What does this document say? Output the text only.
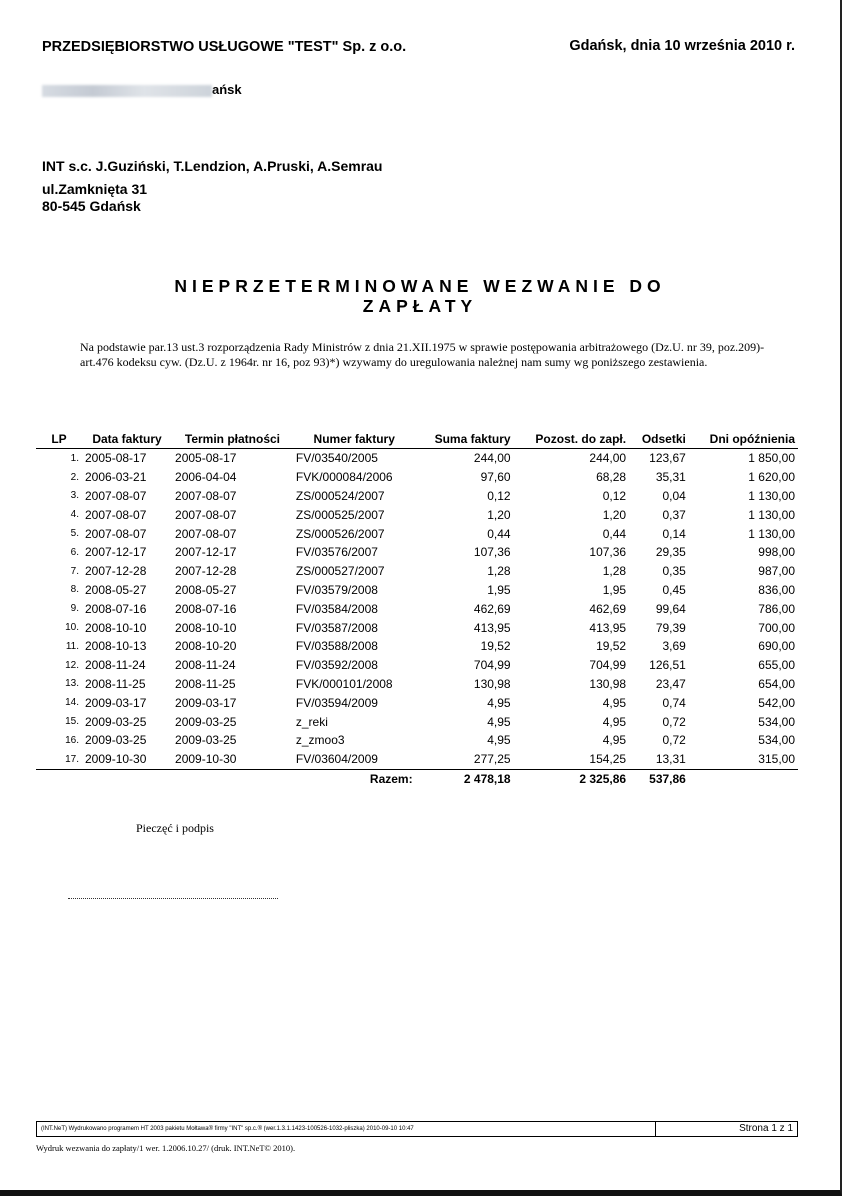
PRZEDSIĘBIORSTWO USŁUGOWE "TEST" Sp. z o.o.
ańsk
Gdańsk, dnia 10 września 2010 r.
INT s.c. J.Guziński, T.Lendzion, A.Pruski, A.Semrau
ul.Zamknięta 31
80-545 Gdańsk
NIEPRZETERMINOWANE WEZWANIE DO
ZAPŁATY
Na podstawie par.13 ust.3 rozporządzenia Rady Ministrów z dnia 21.XII.1975 w sprawie postępowania arbitrażowego (Dz.U. nr 39, poz.209)-art.476 kodeksu cyw. (Dz.U. z 1964r. nr 16, poz 93)*) wzywamy do uregulowania należnej nam sumy wg poniższego zestawienia.
LP	Data faktury	Termin płatności	Numer faktury	Suma faktury	Pozost. do zapł.	Odsetki	Dni opóźnienia
1.	2005-08-17	2005-08-17	FV/03540/2005	244,00	244,00	123,67	1 850,00
2.	2006-03-21	2006-04-04	FVK/000084/2006	97,60	68,28	35,31	1 620,00
3.	2007-08-07	2007-08-07	ZS/000524/2007	0,12	0,12	0,04	1 130,00
4.	2007-08-07	2007-08-07	ZS/000525/2007	1,20	1,20	0,37	1 130,00
5.	2007-08-07	2007-08-07	ZS/000526/2007	0,44	0,44	0,14	1 130,00
6.	2007-12-17	2007-12-17	FV/03576/2007	107,36	107,36	29,35	998,00
7.	2007-12-28	2007-12-28	ZS/000527/2007	1,28	1,28	0,35	987,00
8.	2008-05-27	2008-05-27	FV/03579/2008	1,95	1,95	0,45	836,00
9.	2008-07-16	2008-07-16	FV/03584/2008	462,69	462,69	99,64	786,00
10.	2008-10-10	2008-10-10	FV/03587/2008	413,95	413,95	79,39	700,00
11.	2008-10-13	2008-10-20	FV/03588/2008	19,52	19,52	3,69	690,00
12.	2008-11-24	2008-11-24	FV/03592/2008	704,99	704,99	126,51	655,00
13.	2008-11-25	2008-11-25	FVK/000101/2008	130,98	130,98	23,47	654,00
14.	2009-03-17	2009-03-17	FV/03594/2009	4,95	4,95	0,74	542,00
15.	2009-03-25	2009-03-25	z_reki	4,95	4,95	0,72	534,00
16.	2009-03-25	2009-03-25	z_zmoo3	4,95	4,95	0,72	534,00
17.	2009-10-30	2009-10-30	FV/03604/2009	277,25	154,25	13,31	315,00
Razem:				2 478,18	2 325,86	537,86	
Pieczęć i podpis
(INT.NeT) Wydrukowano programem HT 2003 pakietu Mołtawa® firmy "INT" sp.c.® (wer.1.3.1.1423-100526-1032-pliszka) 2010-09-10 10:47	Strona 1 z 1
Wydruk wezwania do zapłaty/1 wer. 1.2006.10.27/ (druk. INT.NeT© 2010).
